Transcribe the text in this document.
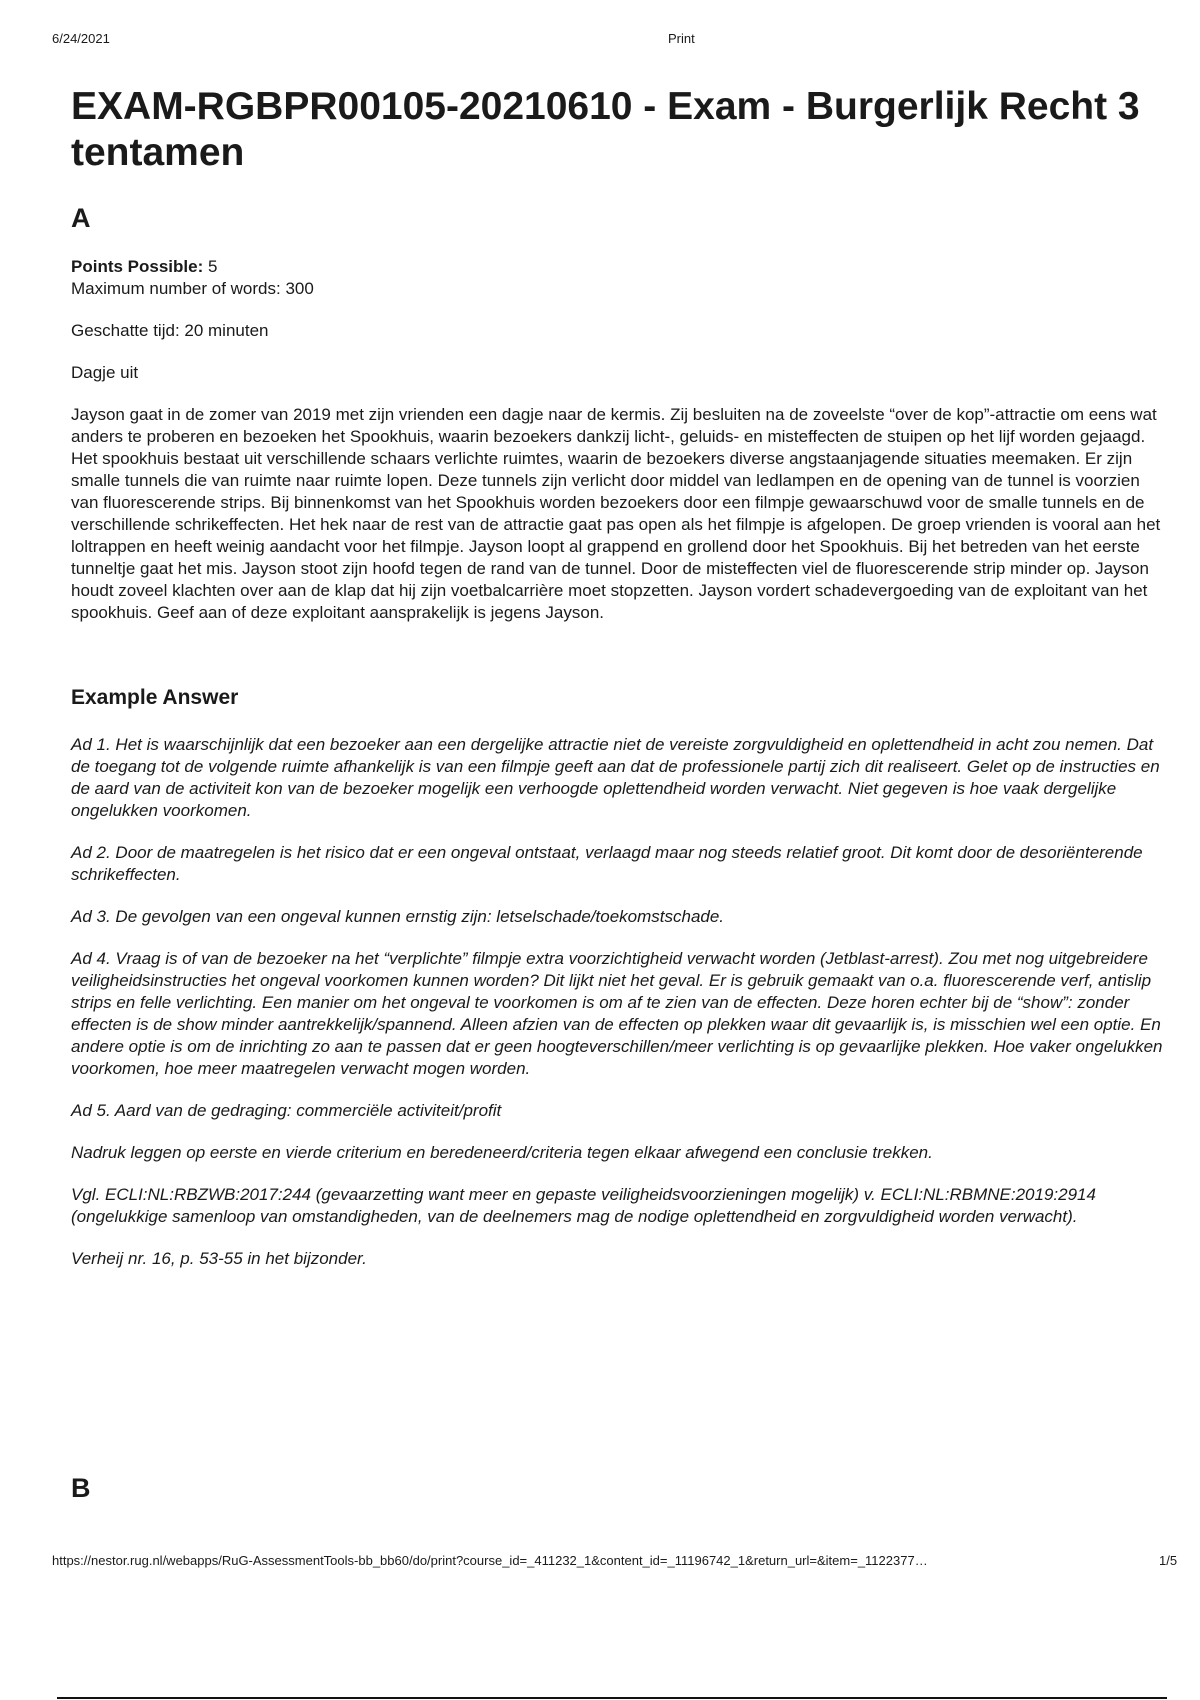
6/24/2021	Print
EXAM-RGBPR00105-20210610 - Exam - Burgerlijk Recht 3 tentamen
A
Points Possible: 5
Maximum number of words: 300

Geschatte tijd: 20 minuten

Dagje uit

Jayson gaat in de zomer van 2019 met zijn vrienden een dagje naar de kermis. Zij besluiten na de zoveelste “over de kop”-attractie om eens wat anders te proberen en bezoeken het Spookhuis, waarin bezoekers dankzij licht-, geluids- en misteffecten de stuipen op het lijf worden gejaagd. Het spookhuis bestaat uit verschillende schaars verlichte ruimtes, waarin de bezoekers diverse angstaanjagende situaties meemaken. Er zijn smalle tunnels die van ruimte naar ruimte lopen. Deze tunnels zijn verlicht door middel van ledlampen en de opening van de tunnel is voorzien van fluorescerende strips. Bij binnenkomst van het Spookhuis worden bezoekers door een filmpje gewaarschuwd voor de smalle tunnels en de verschillende schrikeffecten. Het hek naar de rest van de attractie gaat pas open als het filmpje is afgelopen. De groep vrienden is vooral aan het loltrappen en heeft weinig aandacht voor het filmpje. Jayson loopt al grappend en grollend door het Spookhuis. Bij het betreden van het eerste tunneltje gaat het mis. Jayson stoot zijn hoofd tegen de rand van de tunnel. Door de misteffecten viel de fluorescerende strip minder op. Jayson houdt zoveel klachten over aan de klap dat hij zijn voetbalcarrière moet stopzetten. Jayson vordert schadevergoeding van de exploitant van het spookhuis. Geef aan of deze exploitant aansprakelijk is jegens Jayson.

Example Answer

Ad 1. Het is waarschijnlijk dat een bezoeker aan een dergelijke attractie niet de vereiste zorgvuldigheid en oplettendheid in acht zou nemen. Dat de toegang tot de volgende ruimte afhankelijk is van een filmpje geeft aan dat de professionele partij zich dit realiseert. Gelet op de instructies en de aard van de activiteit kon van de bezoeker mogelijk een verhoogde oplettendheid worden verwacht. Niet gegeven is hoe vaak dergelijke ongelukken voorkomen.

Ad 2. Door de maatregelen is het risico dat er een ongeval ontstaat, verlaagd maar nog steeds relatief groot. Dit komt door de desoriënterende schrikeffecten.

Ad 3. De gevolgen van een ongeval kunnen ernstig zijn: letselschade/toekomstschade.

Ad 4. Vraag is of van de bezoeker na het “verplichte” filmpje extra voorzichtigheid verwacht worden (Jetblast-arrest). Zou met nog uitgebreidere veiligheidsinstructies het ongeval voorkomen kunnen worden? Dit lijkt niet het geval. Er is gebruik gemaakt van o.a. fluorescerende verf, antislip strips en felle verlichting. Een manier om het ongeval te voorkomen is om af te zien van de effecten. Deze horen echter bij de “show”: zonder effecten is de show minder aantrekkelijk/spannend. Alleen afzien van de effecten op plekken waar dit gevaarlijk is, is misschien wel een optie. En andere optie is om de inrichting zo aan te passen dat er geen hoogteverschillen/meer verlichting is op gevaarlijke plekken. Hoe vaker ongelukken voorkomen, hoe meer maatregelen verwacht mogen worden.

Ad 5. Aard van de gedraging: commerciële activiteit/profit

Nadruk leggen op eerste en vierde criterium en beredeneerd/criteria tegen elkaar afwegend een conclusie trekken.

Vgl. ECLI:NL:RBZWB:2017:244 (gevaarzetting want meer en gepaste veiligheidsvoorzieningen mogelijk) v. ECLI:NL:RBMNE:2019:2914 (ongelukkige samenloop van omstandigheden, van de deelnemers mag de nodige oplettendheid en zorgvuldigheid worden verwacht).

Verheij nr. 16, p. 53-55 in het bijzonder.

B
https://nestor.rug.nl/webapps/RuG-AssessmentTools-bb_bb60/do/print?course_id=_411232_1&content_id=_11196742_1&return_url=&item=_1122377…	1/5
